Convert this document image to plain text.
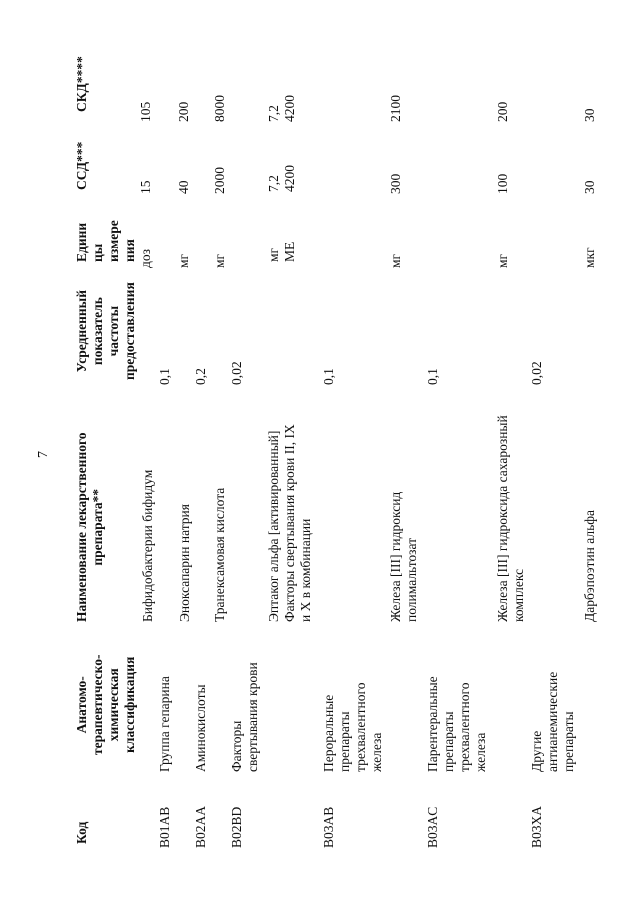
7
Код
Анатомо-
терапевтическо-
химическая
классификация
Наименование лекарственного
препарата**
Усредненный
показатель
частоты
предоставления
Едини
цы
измере
ния
ССД***
СКД****
B01AB
Группа гепарина
Бифидобактерии бифидум
0,1
доз
15
105
B02AA
Аминокислоты
Эноксапарин натрия
0,2
мг
40
200
B02BD
Факторы
свертывания крови
Транексамовая кислота
0,02
мг
2000
8000
Эптаког альфа [активированный]
Факторы свертывания крови II, IX
и X в комбинации
мг
МЕ
7,2
4200
7,2
4200
B03AB
Пероральные
препараты
трехвалентного
железа
0,1
Железа [III] гидроксид
полимальтозат
мг
300
2100
B03AC
Парентеральные
препараты
трехвалентного
железа
0,1
Железа [III] гидроксида сахарозный
комплекс
мг
100
200
B03XA
Другие
антианемические
препараты
0,02
Дарбэпоэтин альфа
мкг
30
30
